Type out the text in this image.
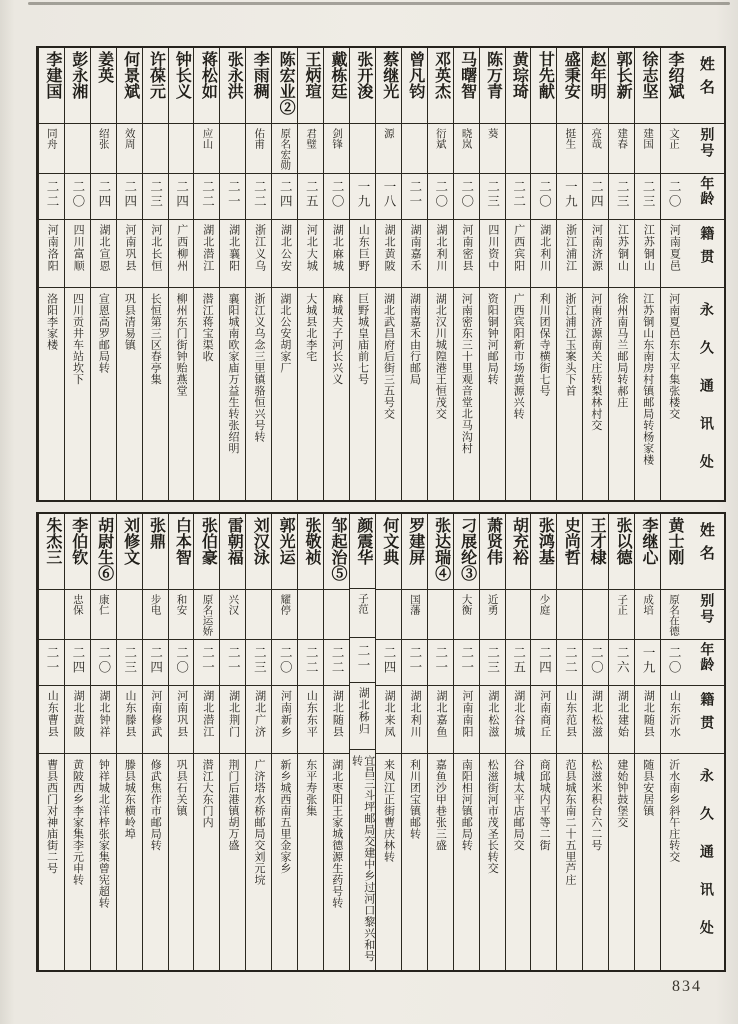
姓名
别号
年龄
籍贯
永久通讯处
李绍斌
文正
二〇
河南夏邑
河南夏邑东太平集张楼交
徐志坚
建国
二三
江苏铜山
江苏铜山东南房村镇邮局转杨家楼
郭长新
建春
二三
江苏铜山
徐州南马兰邮局转郝庄
赵年明
亮哉
二四
河南济源
河南济源南关庄转梨林村交
盛秉安
挺生
一九
浙江浦江
浙江浦江玉案头下首
甘先献
二〇
湖北利川
利川团保寺横街七号
黄琮琦
二二
广西宾阳
广西宾阳新市场黄源兴转
陈万青
葵
二三
四川资中
资阳铜钟河邮局转
马曙智
晓岚
二〇
河南密县
河南密东三十里观音堂北马沟村
邓英杰
衍斌
二〇
湖北利川
湖北汉川城隍港王恒茂交
曾凡钧
二一
湖南嘉禾
湖南嘉禾由行邮局
蔡继光
源
一八
湖北黄陂
湖北武昌府后街三五号交
张开浚
一九
山东巨野
巨野城皇庙前七号
戴栋廷
剑锋
二〇
湖北麻城
麻城夫子河长兴义
王炳瑄
君璧
二五
河北大城
大城县北李宅
陈宏业②
原名宏勋
二四
湖北公安
湖北公安胡家厂
李雨稠
佑甫
二二
浙江义乌
浙江义乌念三里镇骆恒兴号转
张永洪
二一
湖北襄阳
襄阳城南欧家庙万益生转张绍明
蒋松如
应山
二二
湖北潜江
潜江蒋宝渠收
钟长义
二四
广西柳州
柳州东门街钟贻燕堂
许葆元
二三
河北长恒
长恒第三区春亭集
何景斌
效周
二四
河南巩县
巩县清易镇
姜英
绍张
二四
湖北宣恩
宣恩高罗邮局转
彭永湘
二〇
四川富顺
四川贡井车站坎下
李建国
同舟
二二
河南洛阳
洛阳李家楼
姓名
别号
年龄
籍贯
永久通讯处
黄士刚
原名在德
二〇
山东沂水
沂水南乡斜午庄转交
李继心
成培
一九
湖北随县
随县安居镇
张以德
子正
二六
湖北建始
建始钟鼓堡交
王才棣
二〇
湖北松滋
松滋米积台六二号
史尚哲
二二
山东范县
范县城东南二十五里芦庄
张鸿基
少庭
二四
河南商丘
商邱城内平等二街
胡充裕
二五
湖北谷城
谷城太平店邮局交
萧贤伟
近勇
二三
湖北松滋
松滋街河市茂圣长转交
刁展纶③
大衡
二一
河南南阳
南阳相河镇邮局转
张达瑞④
二一
湖北嘉鱼
嘉鱼沙甲巷张三盛
罗建屏
国藩
二一
湖北利川
利川团宝镇邮转
何文典
二四
湖北来凤
来凤江正街曹庆林转
颜震华
子范
二一
湖北秭归
宜昌三斗坪邮局交建中乡过河口黎兴和号转
邹起治⑤
二二
湖北随县
湖北枣阳王家城德源生药号转
张敬祯
二二
山东东平
东平寿张集
郭光运
耀停
二〇
河南新乡
新乡城西南五里金家乡
刘汉泳
二三
湖北广济
广济塔水桥邮局交刘元垸
雷朝福
兴汉
二一
湖北荆门
荆门后港镇胡万盛
张伯豪
原名运娇
二一
湖北潜江
潜江大东门内
白本智
和安
二〇
河南巩县
巩县石关镇
张鼎
步电
二四
河南修武
修武焦作市邮局转
刘修文
二三
山东滕县
滕县城东横岭埠
胡尉生⑥
康仁
二〇
湖北钟祥
钟祥城北洋梓张家集曾宪超转
李伯钦
忠保
二四
湖北黄陂
黄陂西乡李家集李元申转
朱杰三
二一
山东曹县
曹县西门对神庙街二号
834
